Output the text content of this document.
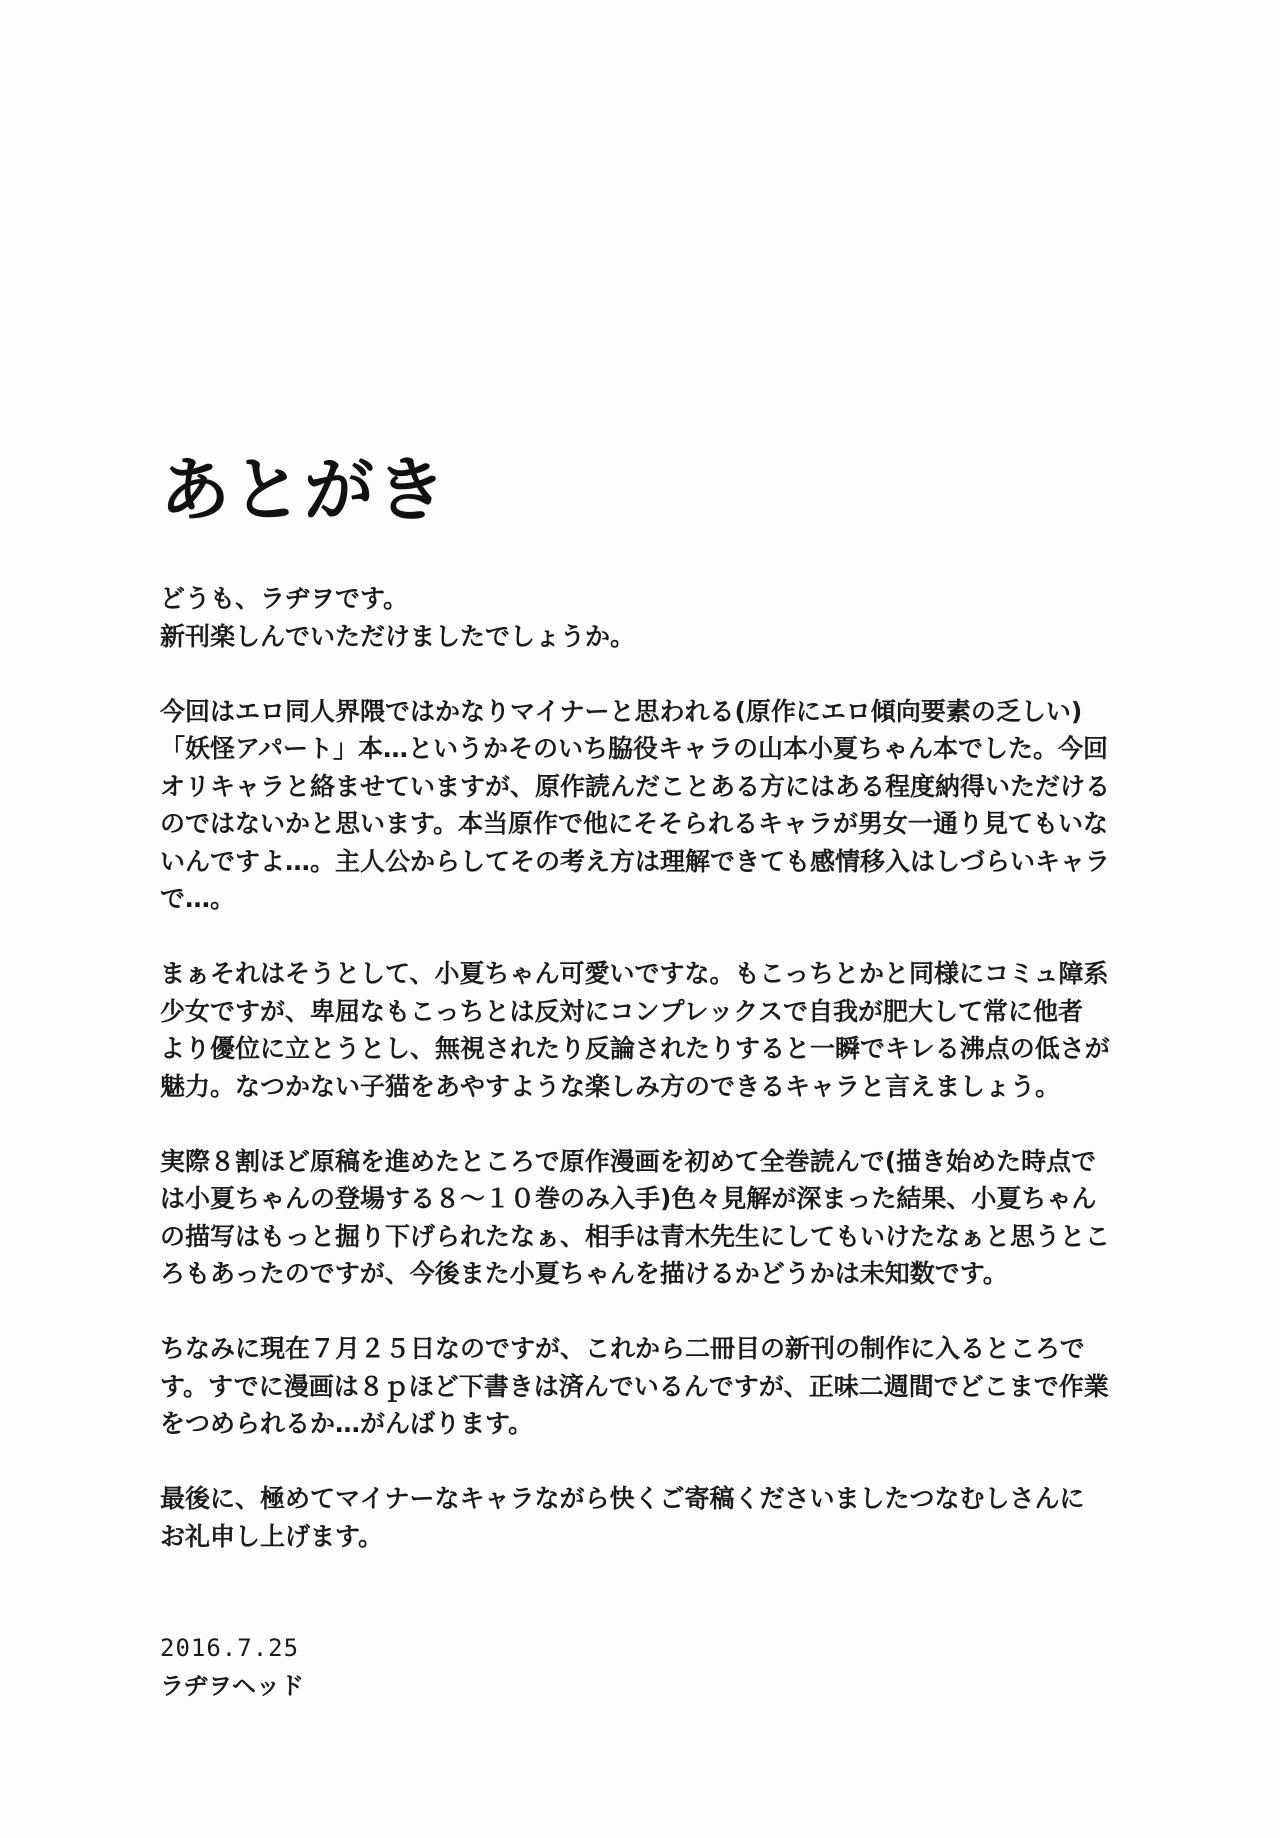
あとがき

どうも、ラヂヲです。
新刊楽しんでいただけましたでしょうか。

今回はエロ同人界隈ではかなりマイナーと思われる(原作にエロ傾向要素の乏しい)
「妖怪アパート」本…というかそのいち脇役キャラの山本小夏ちゃん本でした。今回
オリキャラと絡ませていますが、原作読んだことある方にはある程度納得いただける
のではないかと思います。本当原作で他にそそられるキャラが男女一通り見てもいな
いんですよ…。主人公からしてその考え方は理解できても感情移入はしづらいキャラ
で…。

まぁそれはそうとして、小夏ちゃん可愛いですな。もこっちとかと同様にコミュ障系
少女ですが、卑屈なもこっちとは反対にコンプレックスで自我が肥大して常に他者
より優位に立とうとし、無視されたり反論されたりすると一瞬でキレる沸点の低さが
魅力。なつかない子猫をあやすような楽しみ方のできるキャラと言えましょう。

実際８割ほど原稿を進めたところで原作漫画を初めて全巻読んで(描き始めた時点で
は小夏ちゃんの登場する８～１０巻のみ入手)色々見解が深まった結果、小夏ちゃん
の描写はもっと掘り下げられたなぁ、相手は青木先生にしてもいけたなぁと思うとこ
ろもあったのですが、今後また小夏ちゃんを描けるかどうかは未知数です。

ちなみに現在７月２５日なのですが、これから二冊目の新刊の制作に入るところで
す。すでに漫画は８ｐほど下書きは済んでいるんですが、正味二週間でどこまで作業
をつめられるか…がんばります。

最後に、極めてマイナーなキャラながら快くご寄稿くださいましたつなむしさんに
お礼申し上げます。

2016.7.25
ラヂヲヘッド
